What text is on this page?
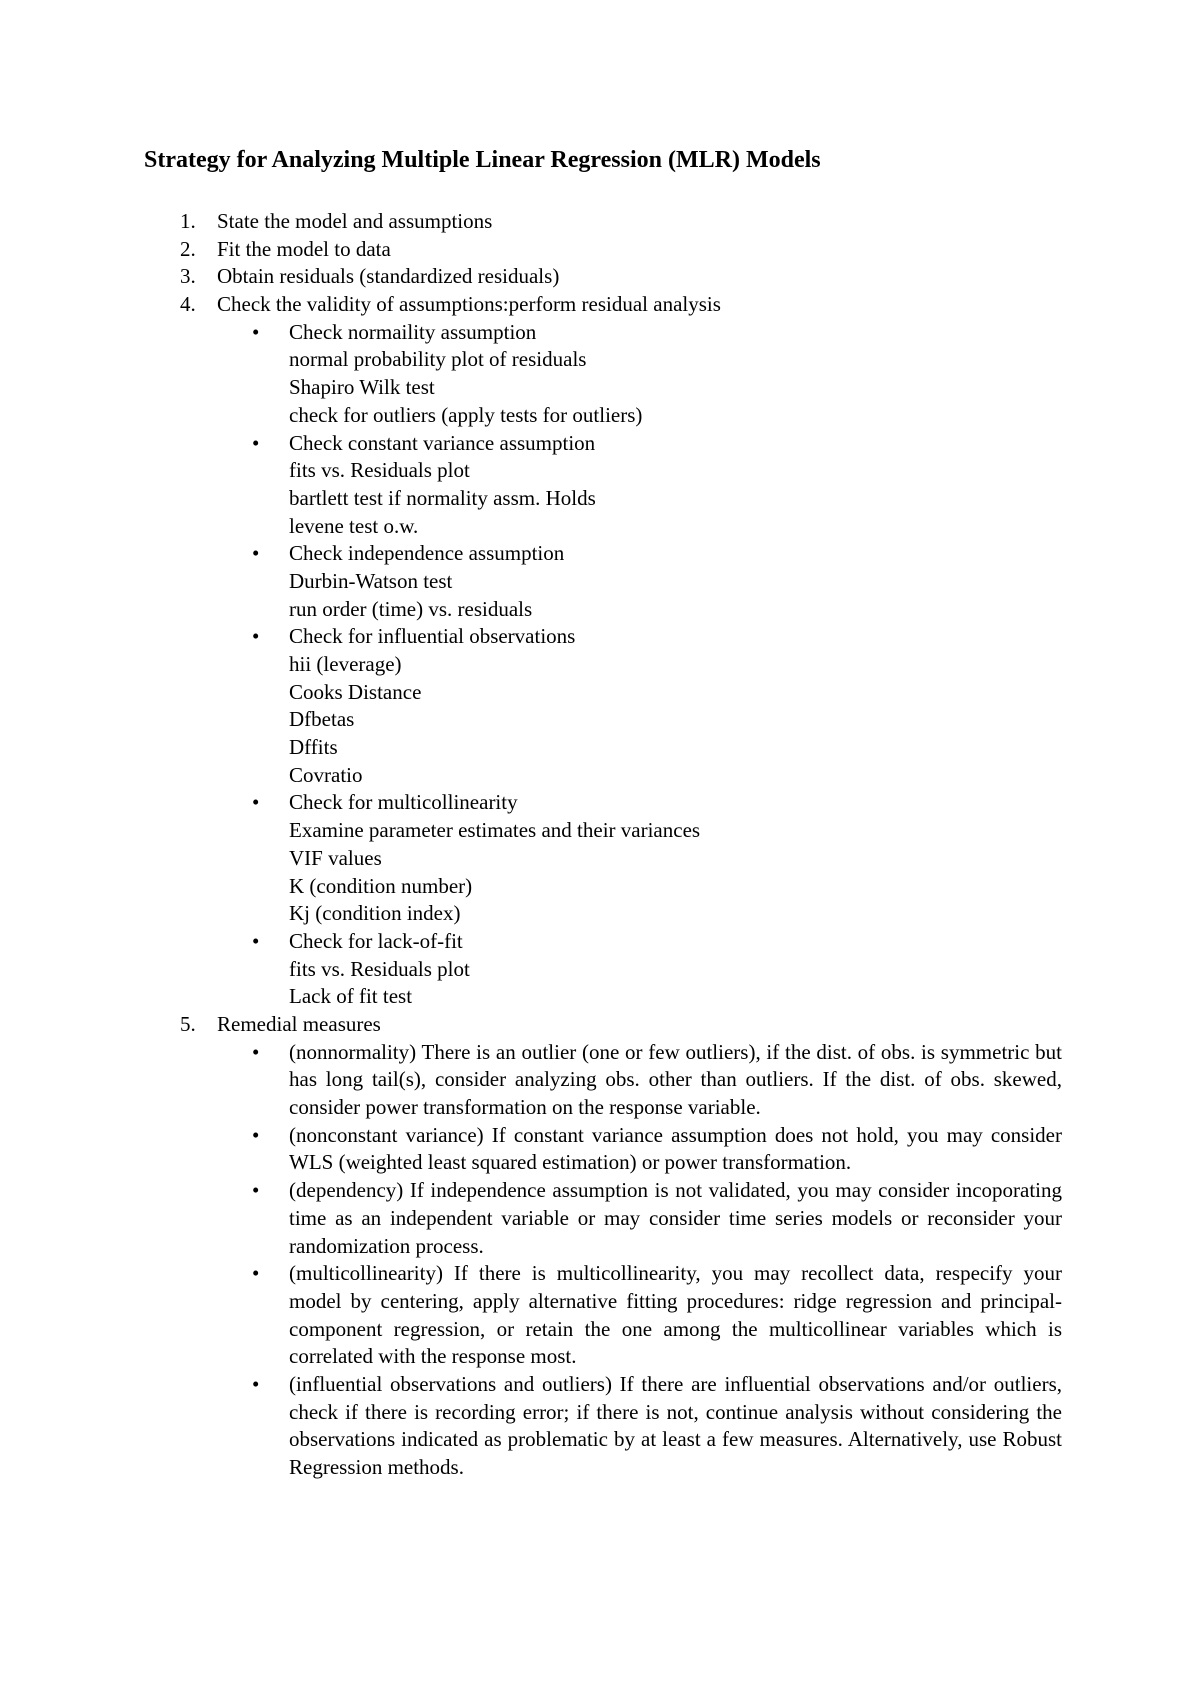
Strategy for Analyzing Multiple Linear Regression (MLR) Models
1. State the model and assumptions
2. Fit the model to data
3. Obtain residuals (standardized residuals)
4. Check the validity of assumptions:perform residual analysis
• Check normaility assumption
normal probability plot of residuals
Shapiro Wilk test
check for outliers (apply tests for outliers)
• Check constant variance assumption
fits vs. Residuals plot
bartlett test if normality assm. Holds
levene test o.w.
• Check independence assumption
Durbin-Watson test
run order (time) vs. residuals
• Check for influential observations
hii (leverage)
Cooks Distance
Dfbetas
Dffits
Covratio
• Check for multicollinearity
Examine parameter estimates and their variances
VIF values
K (condition number)
Kj (condition index)
• Check for lack-of-fit
fits vs. Residuals plot
Lack of fit test
5. Remedial measures
• (nonnormality) There is an outlier (one or few outliers), if the dist. of obs. is symmetric but has long tail(s), consider analyzing obs. other than outliers. If the dist. of obs. skewed, consider power transformation on the response variable.
• (nonconstant variance) If constant variance assumption does not hold, you may consider WLS (weighted least squared estimation) or power transformation.
• (dependency) If independence assumption is not validated, you may consider incoporating time as an independent variable or may consider time series models or reconsider your randomization process.
• (multicollinearity) If there is multicollinearity, you may recollect data, respecify your model by centering, apply alternative fitting procedures: ridge regression and principal-component regression, or retain the one among the multicollinear variables which is correlated with the response most.
• (influential observations and outliers) If there are influential observations and/or outliers, check if there is recording error; if there is not, continue analysis without considering the observations indicated as problematic by at least a few measures. Alternatively, use Robust Regression methods.
